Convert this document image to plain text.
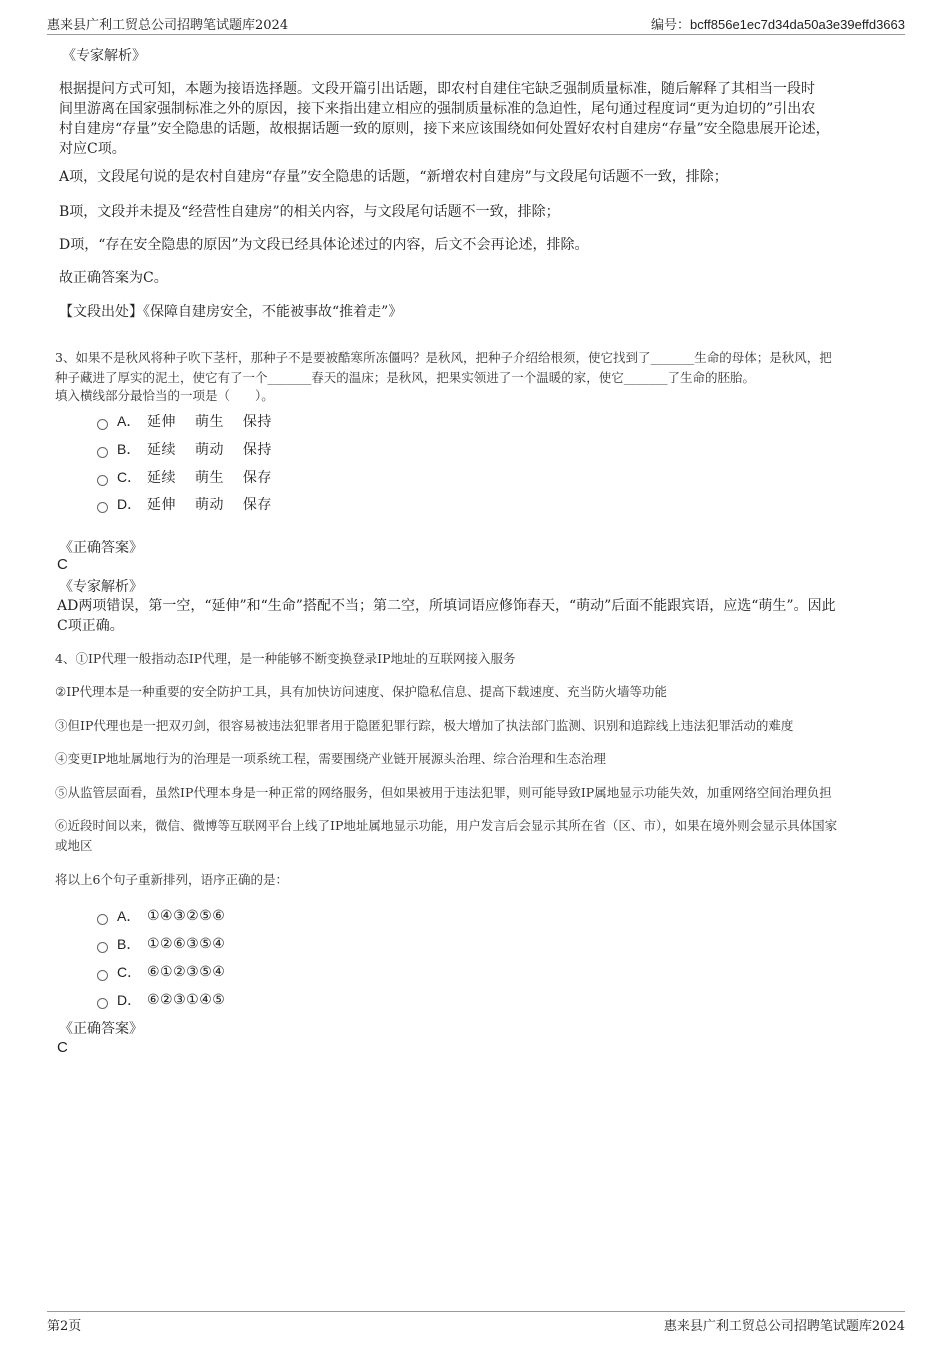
惠来县广利工贸总公司招聘笔试题库2024	编号：bcff856e1ec7d34da50a3e39effd3663
《专家解析》
根据提问方式可知，本题为接语选择题。文段开篇引出话题，即农村自建住宅缺乏强制质量标准，随后解释了其相当一段时
间里游离在国家强制标准之外的原因，接下来指出建立相应的强制质量标准的急迫性，尾句通过程度词“更为迫切的”引出农
村自建房“存量”安全隐患的话题，故根据话题一致的原则，接下来应该围绕如何处置好农村自建房“存量”安全隐患展开论述，
对应C项。
A项，文段尾句说的是农村自建房“存量”安全隐患的话题，“新增农村自建房”与文段尾句话题不一致，排除；
B项，文段并未提及“经营性自建房”的相关内容，与文段尾句话题不一致，排除；
D项，“存在安全隐患的原因”为文段已经具体论述过的内容，后文不会再论述，排除。
故正确答案为C。
【文段出处】《保障自建房安全，不能被事故“推着走”》
3、如果不是秋风将种子吹下茎杆，那种子不是要被酷寒所冻僵吗？是秋风，把种子介绍给根须，使它找到了_______生命的母体；是秋风，把
种子藏进了厚实的泥土，使它有了一个_______春天的温床；是秋风，把果实领进了一个温暖的家，使它_______了生命的胚胎。
填入横线部分最恰当的一项是（　　）。
A． 延伸 萌生 保持
B． 延续 萌动 保持
C． 延续 萌生 保存
D． 延伸 萌动 保存
《正确答案》
C
《专家解析》
AD两项错误，第一空，“延伸”和“生命”搭配不当；第二空，所填词语应修饰春天，“萌动”后面不能跟宾语，应选“萌生”。因此
C项正确。
4、①IP代理一般指动态IP代理，是一种能够不断变换登录IP地址的互联网接入服务
②IP代理本是一种重要的安全防护工具，具有加快访问速度、保护隐私信息、提高下载速度、充当防火墙等功能
③但IP代理也是一把双刃剑，很容易被违法犯罪者用于隐匿犯罪行踪，极大增加了执法部门监测、识别和追踪线上违法犯罪活动的难度
④变更IP地址属地行为的治理是一项系统工程，需要围绕产业链开展源头治理、综合治理和生态治理
⑤从监管层面看，虽然IP代理本身是一种正常的网络服务，但如果被用于违法犯罪，则可能导致IP属地显示功能失效，加重网络空间治理负担
⑥近段时间以来，微信、微博等互联网平台上线了IP地址属地显示功能，用户发言后会显示其所在省（区、市），如果在境外则会显示具体国家
或地区
将以上6个句子重新排列，语序正确的是：
A． ①④③②⑤⑥
B． ①②⑥③⑤④
C． ⑥①②③⑤④
D． ⑥②③①④⑤
《正确答案》
C
第2页	惠来县广利工贸总公司招聘笔试题库2024
